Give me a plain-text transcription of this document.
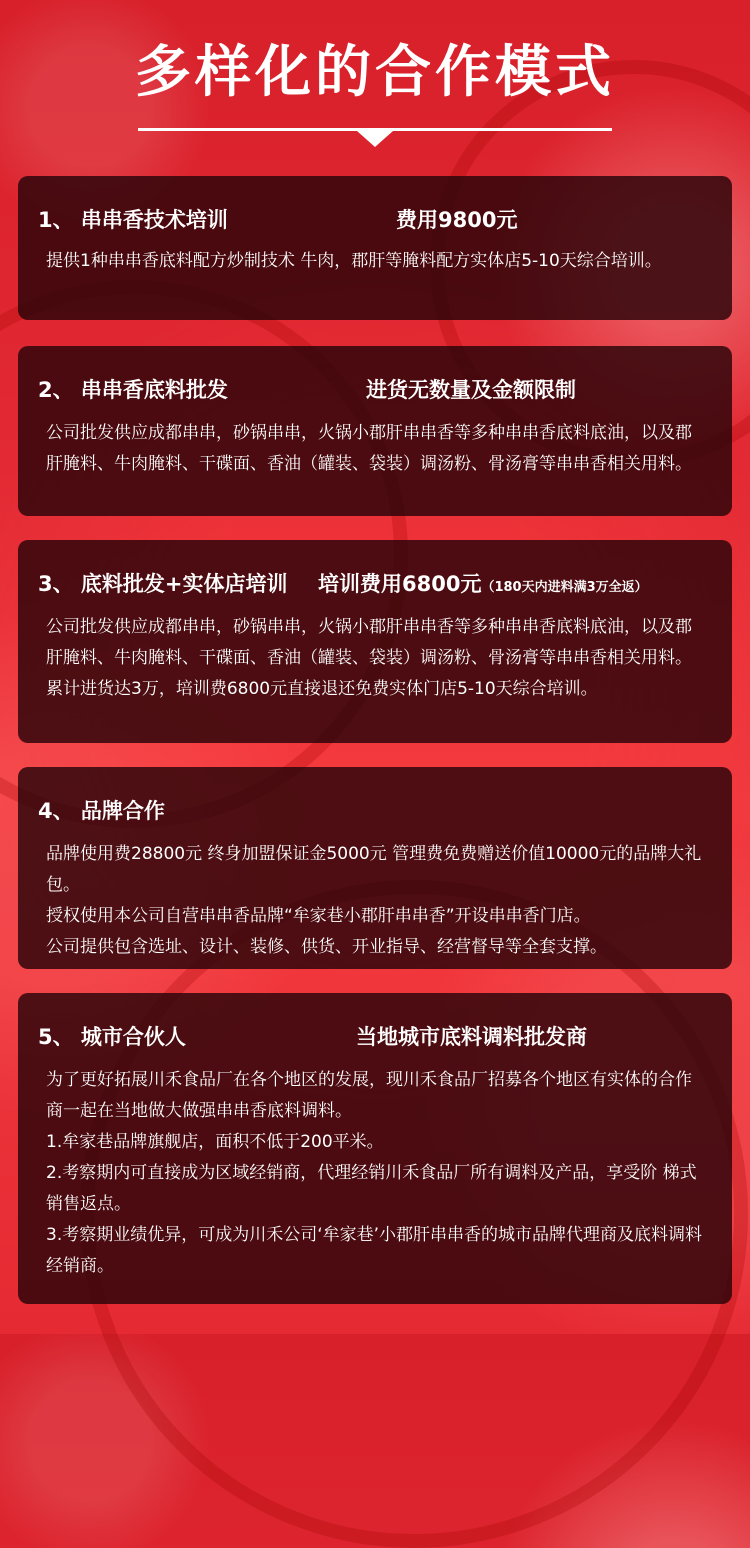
多样化的合作模式
1、 串串香技术培训	费用9800元

提供1种串串香底料配方炒制技术 牛肉，郡肝等腌料配方实体店5-10天综合培训。

2、 串串香底料批发	进货无数量及金额限制

公司批发供应成都串串，砂锅串串，火锅小郡肝串串香等多种串串香底料底油，以及郡肝腌料、牛肉腌料、干碟面、香油（罐装、袋装）调汤粉、骨汤膏等串串香相关用料。

3、 底料批发+实体店培训 培训费用6800元（180天内进料满3万全返）

公司批发供应成都串串，砂锅串串，火锅小郡肝串串香等多种串串香底料底油，以及郡肝腌料、牛肉腌料、干碟面、香油（罐装、袋装）调汤粉、骨汤膏等串串香相关用料。累计进货达3万，培训费6800元直接退还免费实体门店5-10天综合培训。

4、 品牌合作

品牌使用费28800元 终身加盟保证金5000元 管理费免费赠送价值10000元的品牌大礼包。

授权使用本公司自营串串香品牌“牟家巷小郡肝串串香”开设串串香门店。

公司提供包含选址、设计、装修、供货、开业指导、经营督导等全套支撑。

5、 城市合伙人	当地城市底料调料批发商

为了更好拓展川禾食品厂在各个地区的发展，现川禾食品厂招募各个地区有实体的合作商一起在当地做大做强串串香底料调料。

1.牟家巷品牌旗舰店，面积不低于200平米。

2.考察期内可直接成为区域经销商，代理经销川禾食品厂所有调料及产品，享受阶 梯式销售返点。

3.考察期业绩优异，可成为川禾公司‘牟家巷’小郡肝串串香的城市品牌代理商及底料调料经销商。
